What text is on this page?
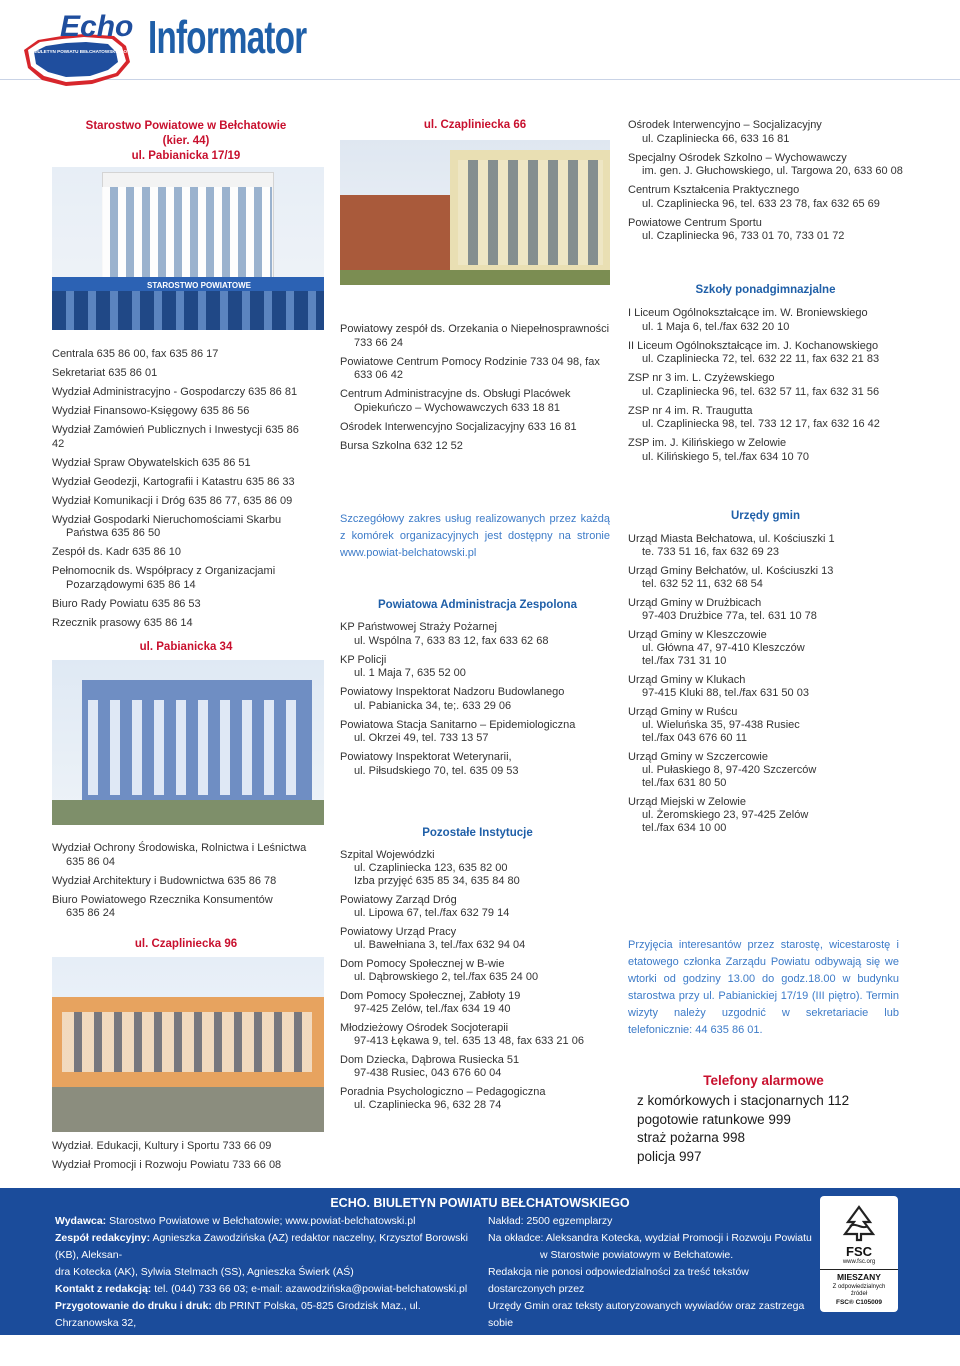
Echo
BIULETYN POWIATU BEŁCHATOWSKIEGO Informator
Starostwo Powiatowe w Bełchatowie
(kier. 44)
ul. Pabianicka 17/19
STAROSTWO POWIATOWE
Centrala 635 86 00, fax 635 86 17
Sekretariat 635 86 01
Wydział Administracyjno - Gospodarczy 635 86 81
Wydział Finansowo-Księgowy 635 86 56
Wydział Zamówień Publicznych i Inwestycji 635 86 42
Wydział Spraw Obywatelskich 635 86 51
Wydział Geodezji, Kartografii i Katastru 635 86 33
Wydział Komunikacji i Dróg 635 86 77, 635 86 09
Wydział Gospodarki Nieruchomościami Skarbu
Państwa 635 86 50
Zespół ds. Kadr 635 86 10
Pełnomocnik ds. Współpracy z Organizacjami
Pozarządowymi 635 86 14
Biuro Rady Powiatu 635 86 53
Rzecznik prasowy 635 86 14
ul. Pabianicka 34
Wydział Ochrony Środowiska, Rolnictwa i Leśnictwa
635 86 04
Wydział Architektury i Budownictwa 635 86 78
Biuro Powiatowego Rzecznika Konsumentów
635 86 24
ul. Czapliniecka 96
Wydział. Edukacji, Kultury i Sportu 733 66 09
Wydział Promocji i Rozwoju Powiatu 733 66 08
ul. Czapliniecka 66
Powiatowy zespół ds. Orzekania o Niepełnosprawności
733 66 24
Powiatowe Centrum Pomocy Rodzinie 733 04 98, fax
633 06 42
Centrum Administracyjne ds. Obsługi Placówek
Opiekuńczo – Wychowawczych 633 18 81
Ośrodek Interwencyjno Socjalizacyjny 633 16 81
Bursa Szkolna 632 12 52
Szczegółowy zakres usług realizowanych przez każdą z komórek organizacyjnych jest dostępny na stronie www.powiat-belchatowski.pl
Powiatowa Administracja Zespolona
KP Państwowej Straży Pożarnej
ul. Wspólna 7, 633 83 12, fax 633 62 68
KP Policji
ul. 1 Maja 7, 635 52 00
Powiatowy Inspektorat Nadzoru Budowlanego
ul. Pabianicka 34, te;. 633 29 06
Powiatowa Stacja Sanitarno – Epidemiologiczna
ul. Okrzei 49, tel. 733 13 57
Powiatowy Inspektorat Weterynarii,
ul. Piłsudskiego 70, tel. 635 09 53
Pozostałe Instytucje
Szpital Wojewódzki
ul. Czapliniecka 123, 635 82 00
Izba przyjęć 635 85 34, 635 84 80
Powiatowy Zarząd Dróg
ul. Lipowa 67, tel./fax 632 79 14
Powiatowy Urząd Pracy
ul. Bawełniana 3, tel./fax 632 94 04
Dom Pomocy Społecznej w B-wie
ul. Dąbrowskiego 2, tel./fax 635 24 00
Dom Pomocy Społecznej, Zabłoty 19
97-425 Zelów, tel./fax 634 19 40
Młodzieżowy Ośrodek Socjoterapii
97-413 Łękawa 9, tel. 635 13 48, fax 633 21 06
Dom Dziecka, Dąbrowa Rusiecka 51
97-438 Rusiec, 043 676 60 04
Poradnia Psychologiczno – Pedagogiczna
ul. Czapliniecka 96, 632 28 74
Ośrodek Interwencyjno – Socjalizacyjny
ul. Czapliniecka 66, 633 16 81
Specjalny Ośrodek Szkolno – Wychowawczy
im. gen. J. Głuchowskiego, ul. Targowa 20, 633 60 08
Centrum Kształcenia Praktycznego
ul. Czapliniecka 96, tel. 633 23 78, fax 632 65 69
Powiatowe Centrum Sportu
ul. Czapliniecka 96, 733 01 70, 733 01 72
Szkoły ponadgimnazjalne
I Liceum Ogólnokształcące im. W. Broniewskiego
ul. 1 Maja 6, tel./fax 632 20 10
II Liceum Ogólnokształcące im. J. Kochanowskiego
ul. Czapliniecka 72, tel. 632 22 11, fax 632 21 83
ZSP nr 3 im. L. Czyżewskiego
ul. Czapliniecka 96, tel. 632 57 11, fax 632 31 56
ZSP nr 4 im. R. Traugutta
ul. Czapliniecka 98, tel. 733 12 17, fax 632 16 42
ZSP im. J. Kilińskiego w Zelowie
ul. Kilińskiego 5, tel./fax 634 10 70
Urzędy gmin
Urząd Miasta Bełchatowa, ul. Kościuszki 1
te. 733 51 16, fax 632 69 23
Urząd Gminy Bełchatów, ul. Kościuszki 13
tel. 632 52 11, 632 68 54
Urząd Gminy w Drużbicach
97-403 Drużbice 77a, tel. 631 10 78
Urząd Gminy w Kleszczowie
ul. Główna 47, 97-410 Kleszczów
tel./fax 731 31 10
Urząd Gminy w Klukach
97-415 Kluki 88, tel./fax 631 50 03
Urząd Gminy w Ruścu
ul. Wieluńska 35, 97-438 Rusiec
tel./fax 043 676 60 11
Urząd Gminy w Szczercowie
ul. Pułaskiego 8, 97-420 Szczerców
tel./fax 631 80 50
Urząd Miejski w Zelowie
ul. Żeromskiego 23, 97-425 Zelów
tel./fax 634 10 00
Przyjęcia interesantów przez starostę, wicestarostę i etatowego członka Zarządu Powiatu odbywają się we wtorki od godziny 13.00 do godz.18.00 w budynku starostwa przy ul. Pabianickiej 17/19 (III piętro). Termin wizyty należy uzgodnić w sekretariacie lub telefonicznie: 44 635 86 01.
Telefony alarmowe
z komórkowych i stacjonarnych 112
pogotowie ratunkowe 999
straż pożarna 998
policja 997
ECHO. BIULETYN POWIATU BEŁCHATOWSKIEGO
Wydawca: Starostwo Powiatowe w Bełchatowie; www.powiat-belchatowski.pl
Zespół redakcyjny: Agnieszka Zawodzińska (AZ) redaktor naczelny, Krzysztof Borowski (KB), Aleksan-
dra Kotecka (AK), Sylwia Stelmach (SS), Agnieszka Świerk (AŚ)
Kontakt z redakcją: tel. (044) 733 66 03; e-mail: azawodzińska@powiat-belchatowski.pl
Przygotowanie do druku i druk: db PRINT Polska, 05-825 Grodzisk Maz., ul. Chrzanowska 32,
tel. 22 201 77 00
Nakład: 2500 egzemplarzy
Na okładce: Aleksandra Kotecka, wydział Promocji i Rozwoju Powiatu
w Starostwie powiatowym w Bełchatowie.
Redakcja nie ponosi odpowiedzialności za treść tekstów dostarczonych przez
Urzędy Gmin oraz teksty autoryzowanych wywiadów oraz zastrzega sobie
prawo do umieszczania artykułów na stronie www.powiat-belchatowski.pl.
FSC
www.fsc.org
MIESZANY
Z odpowiedzialnych źródeł
FSC® C105009
